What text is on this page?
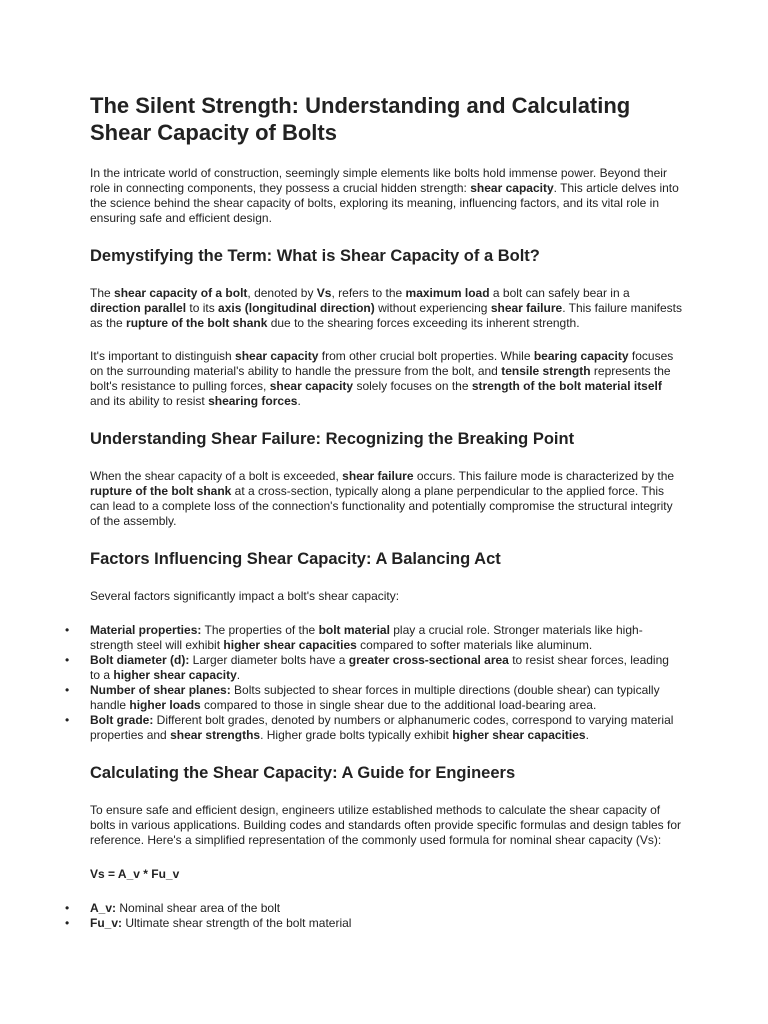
The Silent Strength: Understanding and Calculating Shear Capacity of Bolts

In the intricate world of construction, seemingly simple elements like bolts hold immense power. Beyond their role in connecting components, they possess a crucial hidden strength: shear capacity. This article delves into the science behind the shear capacity of bolts, exploring its meaning, influencing factors, and its vital role in ensuring safe and efficient design.

Demystifying the Term: What is Shear Capacity of a Bolt?

The shear capacity of a bolt, denoted by Vs, refers to the maximum load a bolt can safely bear in a direction parallel to its axis (longitudinal direction) without experiencing shear failure. This failure manifests as the rupture of the bolt shank due to the shearing forces exceeding its inherent strength.

It's important to distinguish shear capacity from other crucial bolt properties. While bearing capacity focuses on the surrounding material's ability to handle the pressure from the bolt, and tensile strength represents the bolt's resistance to pulling forces, shear capacity solely focuses on the strength of the bolt material itself and its ability to resist shearing forces.

Understanding Shear Failure: Recognizing the Breaking Point

When the shear capacity of a bolt is exceeded, shear failure occurs. This failure mode is characterized by the rupture of the bolt shank at a cross-section, typically along a plane perpendicular to the applied force. This can lead to a complete loss of the connection's functionality and potentially compromise the structural integrity of the assembly.

Factors Influencing Shear Capacity: A Balancing Act

Several factors significantly impact a bolt's shear capacity:

• Material properties: The properties of the bolt material play a crucial role. Stronger materials like high-strength steel will exhibit higher shear capacities compared to softer materials like aluminum.
• Bolt diameter (d): Larger diameter bolts have a greater cross-sectional area to resist shear forces, leading to a higher shear capacity.
• Number of shear planes: Bolts subjected to shear forces in multiple directions (double shear) can typically handle higher loads compared to those in single shear due to the additional load-bearing area.
• Bolt grade: Different bolt grades, denoted by numbers or alphanumeric codes, correspond to varying material properties and shear strengths. Higher grade bolts typically exhibit higher shear capacities.
Calculating the Shear Capacity: A Guide for Engineers

To ensure safe and efficient design, engineers utilize established methods to calculate the shear capacity of bolts in various applications. Building codes and standards often provide specific formulas and design tables for reference. Here's a simplified representation of the commonly used formula for nominal shear capacity (Vs):

Vs = A_v * Fu_v

• A_v: Nominal shear area of the bolt
• Fu_v: Ultimate shear strength of the bolt material
